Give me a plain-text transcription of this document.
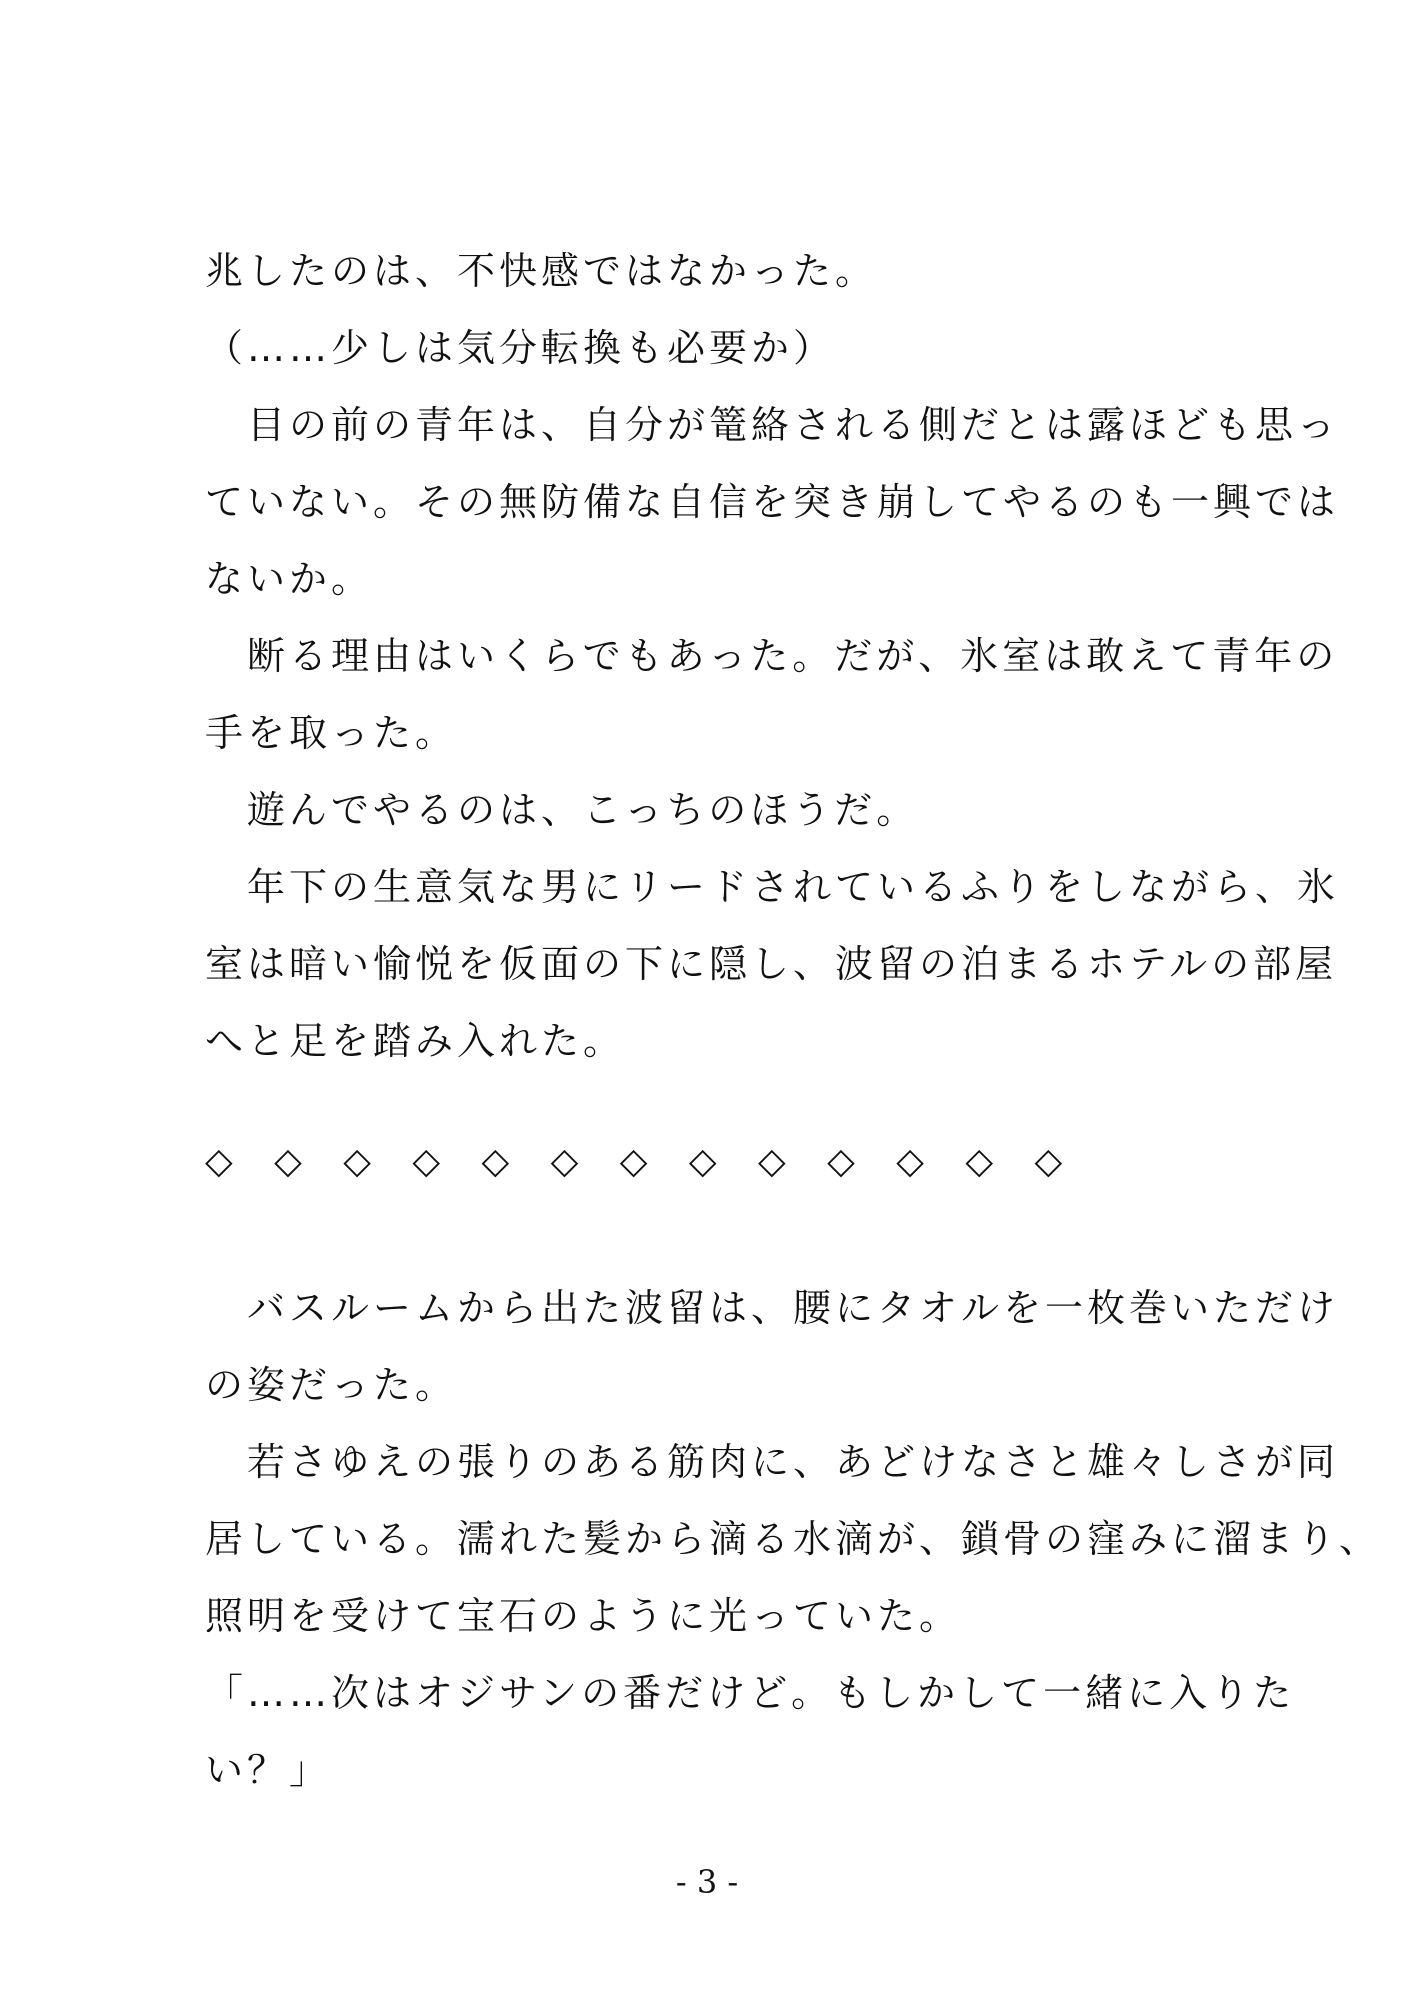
兆したのは、不快感ではなかった。
（……少しは気分転換も必要か）
　目の前の青年は、自分が篭絡される側だとは露ほども思っ
ていない。その無防備な自信を突き崩してやるのも一興では
ないか。
　断る理由はいくらでもあった。だが、氷室は敢えて青年の
手を取った。
　遊んでやるのは、こっちのほうだ。
　年下の生意気な男にリードされているふりをしながら、氷
室は暗い愉悦を仮面の下に隠し、波留の泊まるホテルの部屋
へと足を踏み入れた。
◇ ◇ ◇ ◇ ◇ ◇ ◇ ◇ ◇ ◇ ◇ ◇ ◇
　バスルームから出た波留は、腰にタオルを一枚巻いただけ
の姿だった。
　若さゆえの張りのある筋肉に、あどけなさと雄々しさが同
居している。濡れた髪から滴る水滴が、鎖骨の窪みに溜まり、
照明を受けて宝石のように光っていた。
「……次はオジサンの番だけど。もしかして一緒に入りた
い？」
- 3 -
